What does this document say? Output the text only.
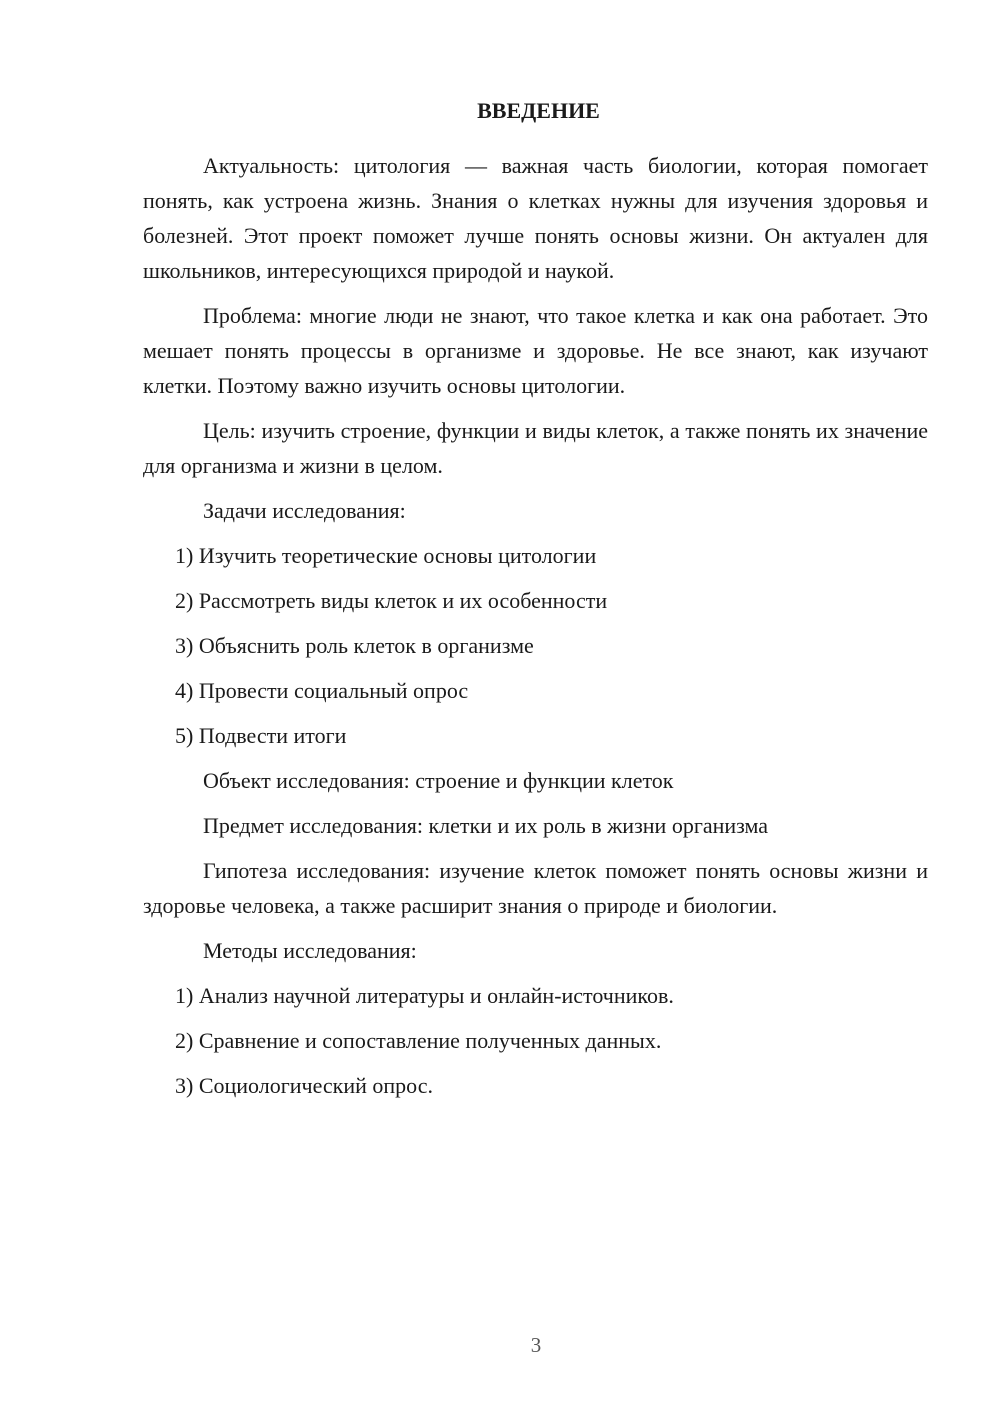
ВВЕДЕНИЕ

Актуальность: цитология — важная часть биологии, которая помогает понять, как устроена жизнь. Знания о клетках нужны для изучения здоровья и болезней. Этот проект поможет лучше понять основы жизни. Он актуален для школьников, интересующихся природой и наукой.

Проблема: многие люди не знают, что такое клетка и как она работает. Это мешает понять процессы в организме и здоровье. Не все знают, как изучают клетки. Поэтому важно изучить основы цитологии.

Цель: изучить строение, функции и виды клеток, а также понять их значение для организма и жизни в целом.

Задачи исследования:

1) Изучить теоретические основы цитологии

2) Рассмотреть виды клеток и их особенности

3) Объяснить роль клеток в организме

4) Провести социальный опрос

5) Подвести итоги

Объект исследования: строение и функции клеток

Предмет исследования: клетки и их роль в жизни организма

Гипотеза исследования: изучение клеток поможет понять основы жизни и здоровье человека, а также расширит знания о природе и биологии.

Методы исследования:

1) Анализ научной литературы и онлайн-источников.

2) Сравнение и сопоставление полученных данных.

3) Социологический опрос.

3
